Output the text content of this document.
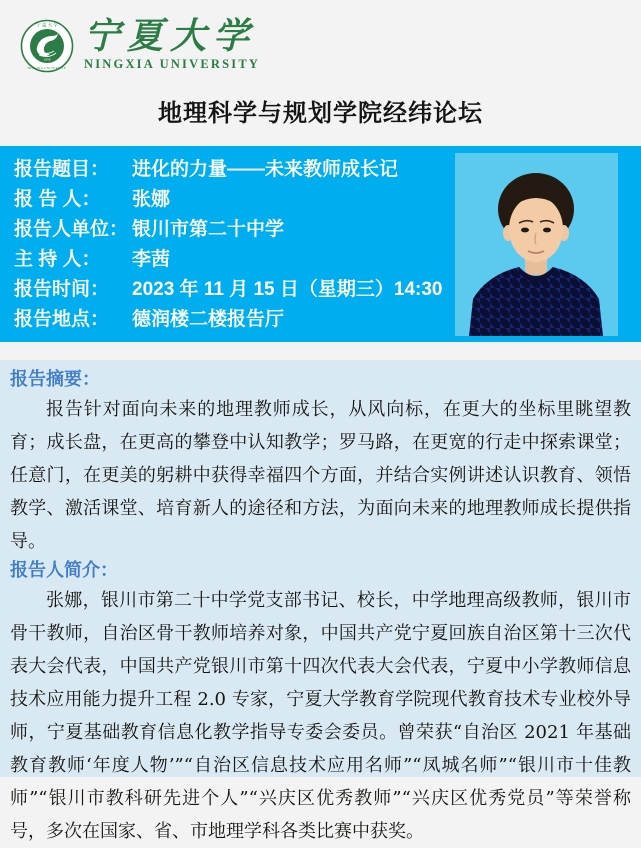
1958
宁 夏 大 学
NINGXIA UNIVERSITY
宁夏大学
NINGXIA UNIVERSITY
地理科学与规划学院经纬论坛
报告题目： 进化的力量——未来教师成长记
报 告 人： 张娜
报告人单位： 银川市第二十中学
主 持 人： 李茜
报告时间： 2023 年 11 月 15 日（星期三）14:30
报告地点： 德润楼二楼报告厅
报告摘要：

报告针对面向未来的地理教师成长，从风向标，在更大的坐标里眺望教育；成长盘，在更高的攀登中认知教学；罗马路，在更宽的行走中探索课堂；任意门，在更美的躬耕中获得幸福四个方面，并结合实例讲述认识教育、领悟教学、激活课堂、培育新人的途径和方法，为面向未来的地理教师成长提供指导。

报告人简介：

张娜，银川市第二十中学党支部书记、校长，中学地理高级教师，银川市骨干教师，自治区骨干教师培养对象，中国共产党宁夏回族自治区第十三次代表大会代表，中国共产党银川市第十四次代表大会代表，宁夏中小学教师信息技术应用能力提升工程 2.0 专家，宁夏大学教育学院现代教育技术专业校外导师，宁夏基础教育信息化教学指导专委会委员。曾荣获“自治区 2021 年基础教育教师‘年度人物’”“自治区信息技术应用名师”“凤城名师”“银川市十佳教师”“银川市教科研先进个人”“兴庆区优秀教师”“兴庆区优秀党员”等荣誉称号，多次在国家、省、市地理学科各类比赛中获奖。
